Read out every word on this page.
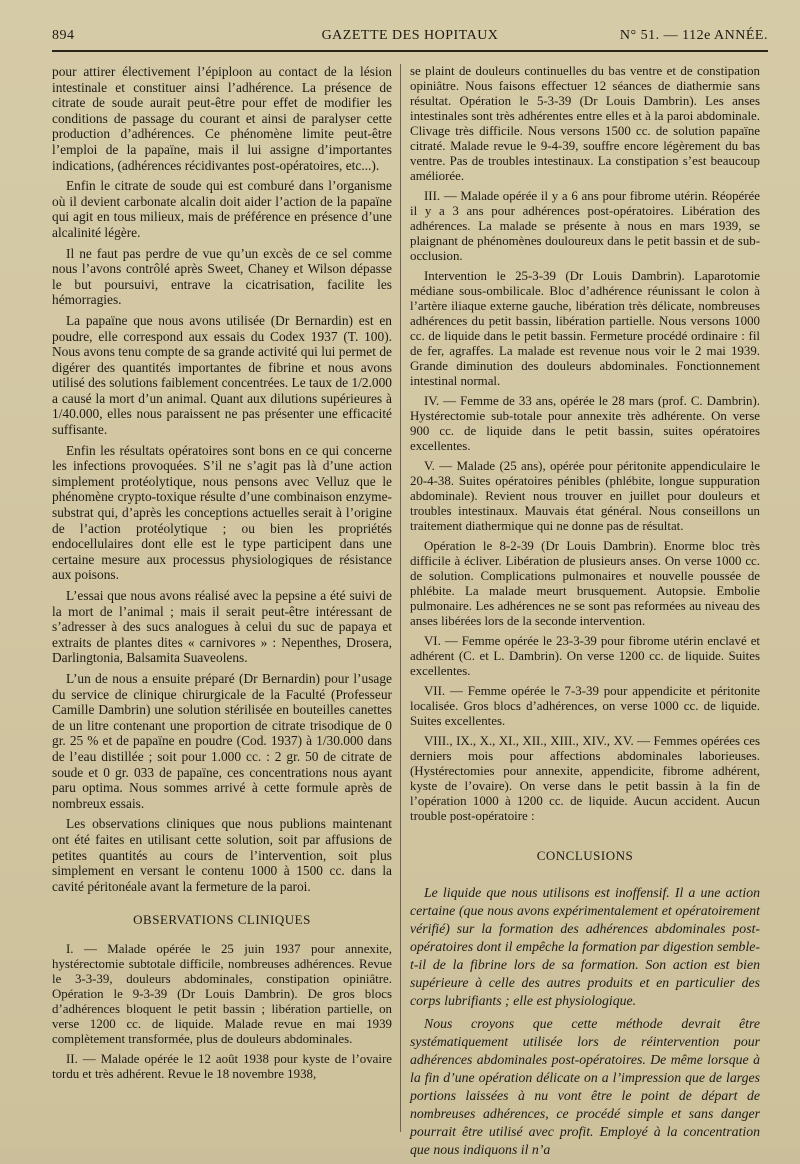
894	GAZETTE DES HOPITAUX	N° 51. — 112e ANNÉE.

pour attirer électivement l’épiploon au contact de la lésion intestinale et constituer ainsi l’adhérence. La présence de citrate de soude aurait peut-être pour effet de modifier les conditions de passage du courant et ainsi de paralyser cette production d’adhérences. Ce phénomène limite peut-être l’emploi de la papaïne, mais il lui assigne d’importantes indications, (adhérences récidivantes post-opératoires, etc...).

Enfin le citrate de soude qui est comburé dans l’organisme où il devient carbonate alcalin doit aider l’action de la papaïne qui agit en tous milieux, mais de préférence en présence d’une alcalinité légère.

Il ne faut pas perdre de vue qu’un excès de ce sel comme nous l’avons contrôlé après Sweet, Chaney et Wilson dépasse le but poursuivi, entrave la cicatrisation, facilite les hémorragies.

La papaïne que nous avons utilisée (Dr Bernardin) est en poudre, elle correspond aux essais du Codex 1937 (T. 100). Nous avons tenu compte de sa grande activité qui lui permet de digérer des quantités importantes de fibrine et nous avons utilisé des solutions faiblement concentrées. Le taux de 1/2.000 a causé la mort d’un animal. Quant aux dilutions supérieures à 1/40.000, elles nous paraissent ne pas présenter une efficacité suffisante.

Enfin les résultats opératoires sont bons en ce qui concerne les infections provoquées. S’il ne s’agit pas là d’une action simplement protéolytique, nous pensons avec Velluz que le phénomène crypto-toxique résulte d’une combinaison enzyme-substrat qui, d’après les conceptions actuelles serait à l’origine de l’action protéolytique ; ou bien les propriétés endocellulaires dont elle est le type participent dans une certaine mesure aux processus physiologiques de résistance aux poisons.

L’essai que nous avons réalisé avec la pepsine a été suivi de la mort de l’animal ; mais il serait peut-être intéressant de s’adresser à des sucs analogues à celui du suc de papaya et extraits de plantes dites « carnivores » : Nepenthes, Drosera, Darlingtonia, Balsamita Suaveolens.

L’un de nous a ensuite préparé (Dr Bernardin) pour l’usage du service de clinique chirurgicale de la Faculté (Professeur Camille Dambrin) une solution stérilisée en bouteilles canettes de un litre contenant une proportion de citrate trisodique de 0 gr. 25 % et de papaïne en poudre (Cod. 1937) à 1/30.000 dans de l’eau distillée ; soit pour 1.000 cc. : 2 gr. 50 de citrate de soude et 0 gr. 033 de papaïne, ces concentrations nous ayant paru optima. Nous sommes arrivé à cette formule après de nombreux essais.

Les observations cliniques que nous publions maintenant ont été faites en utilisant cette solution, soit par affusions de petites quantités au cours de l’intervention, soit plus simplement en versant le contenu 1000 à 1500 cc. dans la cavité péritonéale avant la fermeture de la paroi.

OBSERVATIONS CLINIQUES

I. — Malade opérée le 25 juin 1937 pour annexite, hystérectomie subtotale difficile, nombreuses adhérences. Revue le 3-3-39, douleurs abdominales, constipation opiniâtre. Opération le 9-3-39 (Dr Louis Dambrin). De gros blocs d’adhérences bloquent le petit bassin ; libération partielle, on verse 1200 cc. de liquide. Malade revue en mai 1939 complètement transformée, plus de douleurs abdominales.

II. — Malade opérée le 12 août 1938 pour kyste de l’ovaire tordu et très adhérent. Revue le 18 novembre 1938,

se plaint de douleurs continuelles du bas ventre et de constipation opiniâtre. Nous faisons effectuer 12 séances de diathermie sans résultat. Opération le 5-3-39 (Dr Louis Dambrin). Les anses intestinales sont très adhérentes entre elles et à la paroi abdominale. Clivage très difficile. Nous versons 1500 cc. de solution papaïne citraté. Malade revue le 9-4-39, souffre encore légèrement du bas ventre. Pas de troubles intestinaux. La constipation s’est beaucoup améliorée.

III. — Malade opérée il y a 6 ans pour fibrome utérin. Réopérée il y a 3 ans pour adhérences post-opératoires. Libération des adhérences. La malade se présente à nous en mars 1939, se plaignant de phénomènes douloureux dans le petit bassin et de sub-occlusion.

Intervention le 25-3-39 (Dr Louis Dambrin). Laparotomie médiane sous-ombilicale. Bloc d’adhérence réunissant le colon à l’artère iliaque externe gauche, libération très délicate, nombreuses adhérences du petit bassin, libération partielle. Nous versons 1000 cc. de liquide dans le petit bassin. Fermeture procédé ordinaire : fil de fer, agraffes. La malade est revenue nous voir le 2 mai 1939. Grande diminution des douleurs abdominales. Fonctionnement intestinal normal.

IV. — Femme de 33 ans, opérée le 28 mars (prof. C. Dambrin). Hystérectomie sub-totale pour annexite très adhérente. On verse 900 cc. de liquide dans le petit bassin, suites opératoires excellentes.

V. — Malade (25 ans), opérée pour péritonite appendiculaire le 20-4-38. Suites opératoires pénibles (phlébite, longue suppuration abdominale). Revient nous trouver en juillet pour douleurs et troubles intestinaux. Mauvais état général. Nous conseillons un traitement diathermique qui ne donne pas de résultat.

Opération le 8-2-39 (Dr Louis Dambrin). Enorme bloc très difficile à écliver. Libération de plusieurs anses. On verse 1000 cc. de solution. Complications pulmonaires et nouvelle poussée de phlébite. La malade meurt brusquement. Autopsie. Embolie pulmonaire. Les adhérences ne se sont pas reformées au niveau des anses libérées lors de la seconde intervention.

VI. — Femme opérée le 23-3-39 pour fibrome utérin enclavé et adhérent (C. et L. Dambrin). On verse 1200 cc. de liquide. Suites excellentes.

VII. — Femme opérée le 7-3-39 pour appendicite et péritonite localisée. Gros blocs d’adhérences, on verse 1000 cc. de liquide. Suites excellentes.

VIII., IX., X., XI., XII., XIII., XIV., XV. — Femmes opérées ces derniers mois pour affections abdominales laborieuses. (Hystérectomies pour annexite, appendicite, fibrome adhérent, kyste de l’ovaire). On verse dans le petit bassin à la fin de l’opération 1000 à 1200 cc. de liquide. Aucun accident. Aucun trouble post-opératoire :

CONCLUSIONS

Le liquide que nous utilisons est inoffensif. Il a une action certaine (que nous avons expérimentalement et opératoirement vérifié) sur la formation des adhérences abdominales post-opératoires dont il empêche la formation par digestion semble-t-il de la fibrine lors de sa formation. Son action est bien supérieure à celle des autres produits et en particulier des corps lubrifiants ; elle est physiologique.

Nous croyons que cette méthode devrait être systématiquement utilisée lors de réintervention pour adhérences abdominales post-opératoires. De même lorsque à la fin d’une opération délicate on a l’impression que de larges portions laissées à nu vont être le point de départ de nombreuses adhérences, ce procédé simple et sans danger pourrait être utilisé avec profit. Employé à la concentration que nous indiquons il n’a
